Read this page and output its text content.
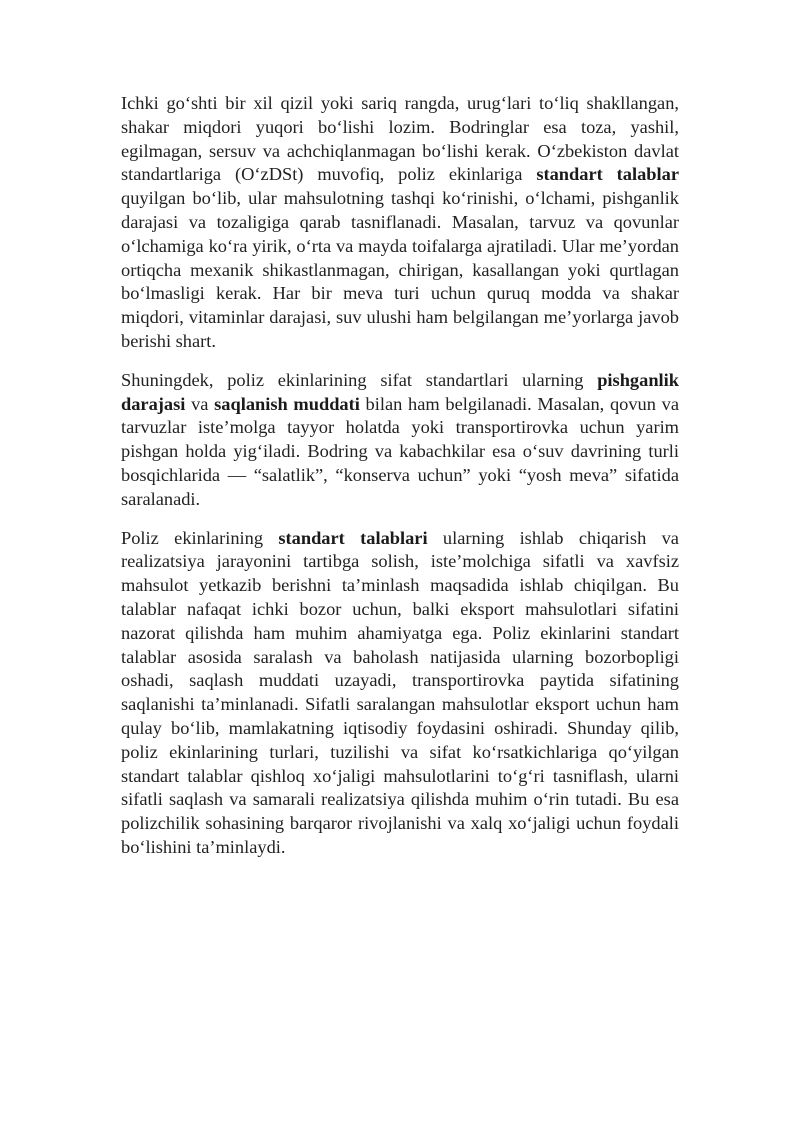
Ichki go‘shti bir xil qizil yoki sariq rangda, urug‘lari to‘liq shakllangan, shakar miqdori yuqori bo‘lishi lozim. Bodringlar esa toza, yashil, egilmagan, sersuv va achchiqlanmagan bo‘lishi kerak. O‘zbekiston davlat standartlariga (O‘zDSt) muvofiq, poliz ekinlariga standart talablar quyilgan bo‘lib, ular mahsulotning tashqi ko‘rinishi, o‘lchami, pishganlik darajasi va tozaligiga qarab tasniflanadi. Masalan, tarvuz va qovunlar o‘lchamiga ko‘ra yirik, o‘rta va mayda toifalarga ajratiladi. Ular me’yordan ortiqcha mexanik shikastlanmagan, chirigan, kasallangan yoki qurtlagan bo‘lmasligi kerak. Har bir meva turi uchun quruq modda va shakar miqdori, vitaminlar darajasi, suv ulushi ham belgilangan me’yorlarga javob berishi shart.

Shuningdek, poliz ekinlarining sifat standartlari ularning pishganlik darajasi va saqlanish muddati bilan ham belgilanadi. Masalan, qovun va tarvuzlar iste’molga tayyor holatda yoki transportirovka uchun yarim pishgan holda yig‘iladi. Bodring va kabachkilar esa o‘suv davrining turli bosqichlarida — “salatlik”, “konserva uchun” yoki “yosh meva” sifatida saralanadi.

Poliz ekinlarining standart talablari ularning ishlab chiqarish va realizatsiya jarayonini tartibga solish, iste’molchiga sifatli va xavfsiz mahsulot yetkazib berishni ta’minlash maqsadida ishlab chiqilgan. Bu talablar nafaqat ichki bozor uchun, balki eksport mahsulotlari sifatini nazorat qilishda ham muhim ahamiyatga ega. Poliz ekinlarini standart talablar asosida saralash va baholash natijasida ularning bozorbopligi oshadi, saqlash muddati uzayadi, transportirovka paytida sifatining saqlanishi ta’minlanadi. Sifatli saralangan mahsulotlar eksport uchun ham qulay bo‘lib, mamlakatning iqtisodiy foydasini oshiradi. Shunday qilib, poliz ekinlarining turlari, tuzilishi va sifat ko‘rsatkichlariga qo‘yilgan standart talablar qishloq xo‘jaligi mahsulotlarini to‘g‘ri tasniflash, ularni sifatli saqlash va samarali realizatsiya qilishda muhim o‘rin tutadi. Bu esa polizchilik sohasining barqaror rivojlanishi va xalq xo‘jaligi uchun foydali bo‘lishini ta’minlaydi.
